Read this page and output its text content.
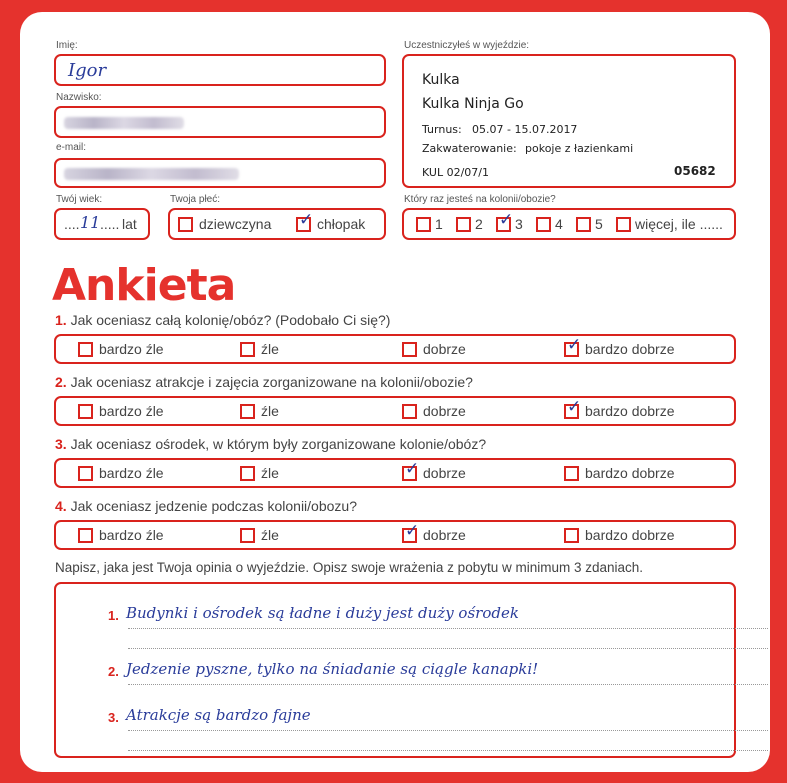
Imię:
Igor
Nazwisko:
e-mail:
Twój wiek:
.... 11 ..... lat
Twoja płeć:
dziewczyna ✓ chłopak
Uczestniczyłeś w wyjeździe:
Kulka
Kulka Ninja Go
Turnus: 05.07 - 15.07.2017
Zakwaterowanie: pokoje z łazienkami
KUL 02/07/1	05682
Który raz jesteś na kolonii/obozie?
1 2 ✓ 3 4 5 więcej, ile ......
Ankieta
1. Jak oceniasz całą kolonię/obóz? (Podobało Ci się?)
bardzo źle	źle	dobrze	✓ bardzo dobrze
2. Jak oceniasz atrakcje i zajęcia zorganizowane na kolonii/obozie?
bardzo źle	źle	dobrze	✓ bardzo dobrze
3. Jak oceniasz ośrodek, w którym były zorganizowane kolonie/obóz?
bardzo źle	źle	✓ dobrze	bardzo dobrze
4. Jak oceniasz jedzenie podczas kolonii/obozu?
bardzo źle	źle	✓ dobrze	bardzo dobrze
Napisz, jaka jest Twoja opinia o wyjeździe. Opisz swoje wrażenia z pobytu w minimum 3 zdaniach.
1. Budynki i ośrodek są ładne i duży jest duży ośrodek
2. Jedzenie pyszne, tylko na śniadanie są ciągle kanapki!
3. Atrakcje są bardzo fajne
